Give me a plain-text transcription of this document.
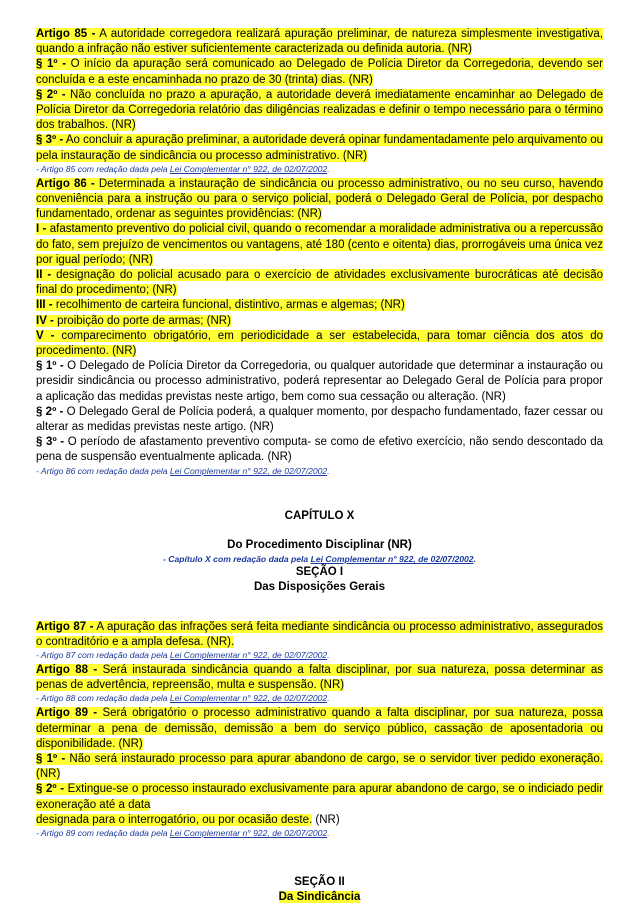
Artigo 85 - A autoridade corregedora realizará apuração preliminar, de natureza simplesmente investigativa, quando a infração não estiver suficientemente caracterizada ou definida autoria. (NR)

§ 1º - O início da apuração será comunicado ao Delegado de Polícia Diretor da Corregedoria, devendo ser concluída e a este encaminhada no prazo de 30 (trinta) dias. (NR)

§ 2º - Não concluída no prazo a apuração, a autoridade deverá imediatamente encaminhar ao Delegado de Polícia Diretor da Corregedoria relatório das diligências realizadas e definir o tempo necessário para o término dos trabalhos. (NR)

§ 3º - Ao concluir a apuração preliminar, a autoridade deverá opinar fundamentadamente pelo arquivamento ou pela instauração de sindicância ou processo administrativo. (NR)

- Artigo 85 com redação dada pela Lei Complementar n° 922, de 02/07/2002.

Artigo 86 - Determinada a instauração de sindicância ou processo administrativo, ou no seu curso, havendo conveniência para a instrução ou para o serviço policial, poderá o Delegado Geral de Polícia, por despacho fundamentado, ordenar as seguintes providências: (NR)

I - afastamento preventivo do policial civil, quando o recomendar a moralidade administrativa ou a repercussão do fato, sem prejuízo de vencimentos ou vantagens, até 180 (cento e oitenta) dias, prorrogáveis uma única vez por igual período; (NR)

II - designação do policial acusado para o exercício de atividades exclusivamente burocráticas até decisão final do procedimento; (NR)

III - recolhimento de carteira funcional, distintivo, armas e algemas; (NR)

IV - proibição do porte de armas; (NR)

V - comparecimento obrigatório, em periodicidade a ser estabelecida, para tomar ciência dos atos do procedimento. (NR)

§ 1º - O Delegado de Polícia Diretor da Corregedoria, ou qualquer autoridade que determinar a instauração ou presidir sindicância ou processo administrativo, poderá representar ao Delegado Geral de Polícia para propor a aplicação das medidas previstas neste artigo, bem como sua cessação ou alteração. (NR)

§ 2º - O Delegado Geral de Polícia poderá, a qualquer momento, por despacho fundamentado, fazer cessar ou alterar as medidas previstas neste artigo. (NR)

§ 3º - O período de afastamento preventivo computa- se como de efetivo exercício, não sendo descontado da pena de suspensão eventualmente aplicada. (NR)

- Artigo 86 com redação dada pela Lei Complementar n° 922, de 02/07/2002.

CAPÍTULO X

Do Procedimento Disciplinar (NR)

- Capítulo X com redação dada pela Lei Complementar n° 922, de 02/07/2002.

SEÇÃO I

Das Disposições Gerais

Artigo 87 - A apuração das infrações será feita mediante sindicância ou processo administrativo, assegurados o contraditório e a ampla defesa. (NR).

- Artigo 87 com redação dada pela Lei Complementar n° 922, de 02/07/2002.

Artigo 88 - Será instaurada sindicância quando a falta disciplinar, por sua natureza, possa determinar as penas de advertência, repreensão, multa e suspensão. (NR)

- Artigo 88 com redação dada pela Lei Complementar n° 922, de 02/07/2002.

Artigo 89 - Será obrigatório o processo administrativo quando a falta disciplinar, por sua natureza, possa determinar a pena de demissão, demissão a bem do serviço público, cassação de aposentadoria ou disponibilidade. (NR)

§ 1º - Não será instaurado processo para apurar abandono de cargo, se o servidor tiver pedido exoneração. (NR)

§ 2º - Extingue-se o processo instaurado exclusivamente para apurar abandono de cargo, se o indiciado pedir exoneração até a data
designada para o interrogatório, ou por ocasião deste. (NR)

- Artigo 89 com redação dada pela Lei Complementar n° 922, de 02/07/2002.

SEÇÃO II

Da Sindicância
